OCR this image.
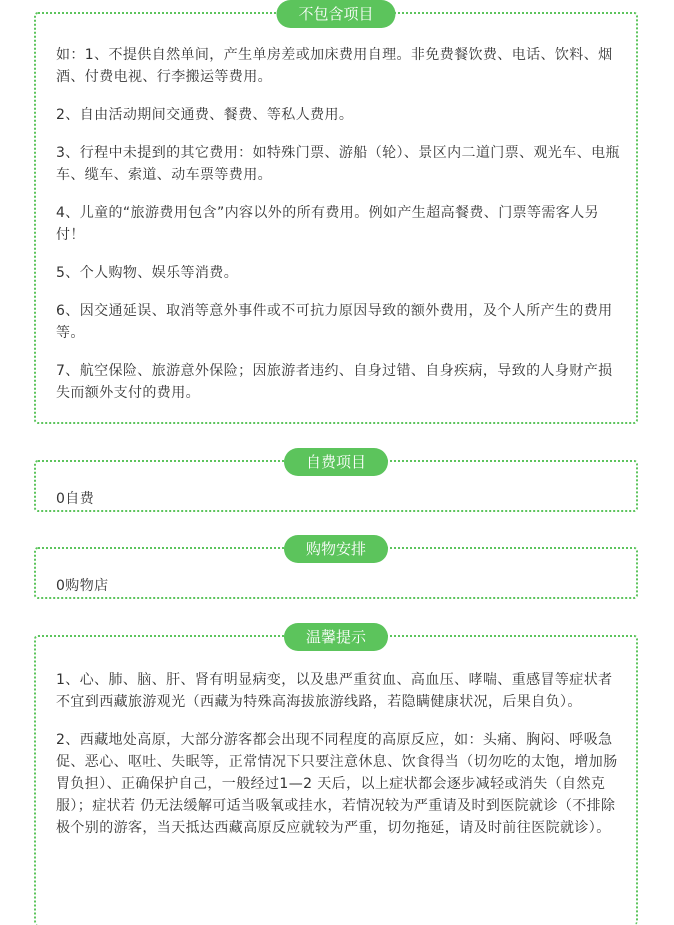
不包含项目

如：1、不提供自然单间，产生单房差或加床费用自理。非免费餐饮费、电话、饮料、烟酒、付费电视、行李搬运等费用。

2、自由活动期间交通费、餐费、等私人费用。

3、行程中未提到的其它费用：如特殊门票、游船（轮）、景区内二道门票、观光车、电瓶车、缆车、索道、动车票等费用。

4、儿童的“旅游费用包含”内容以外的所有费用。例如产生超高餐费、门票等需客人另付！

5、个人购物、娱乐等消费。

6、因交通延误、取消等意外事件或不可抗力原因导致的额外费用，及个人所产生的费用等。

7、航空保险、旅游意外保险；因旅游者违约、自身过错、自身疾病，导致的人身财产损失而额外支付的费用。

自费项目

0自费

购物安排

0购物店

温馨提示

1、心、肺、脑、肝、肾有明显病变，以及患严重贫血、高血压、哮喘、重感冒等症状者不宜到西藏旅游观光（西藏为特殊高海拔旅游线路，若隐瞒健康状况，后果自负）。

2、西藏地处高原，大部分游客都会出现不同程度的高原反应，如：头痛、胸闷、呼吸急促、恶心、呕吐、失眠等，正常情况下只要注意休息、饮食得当（切勿吃的太饱，增加肠胃负担）、正确保护自己，一般经过1—2 天后，以上症状都会逐步减轻或消失（自然克服）；症状若 仍无法缓解可适当吸氧或挂水，若情况较为严重请及时到医院就诊（不排除极个别的游客，当天抵达西藏高原反应就较为严重，切勿拖延，请及时前往医院就诊）。
